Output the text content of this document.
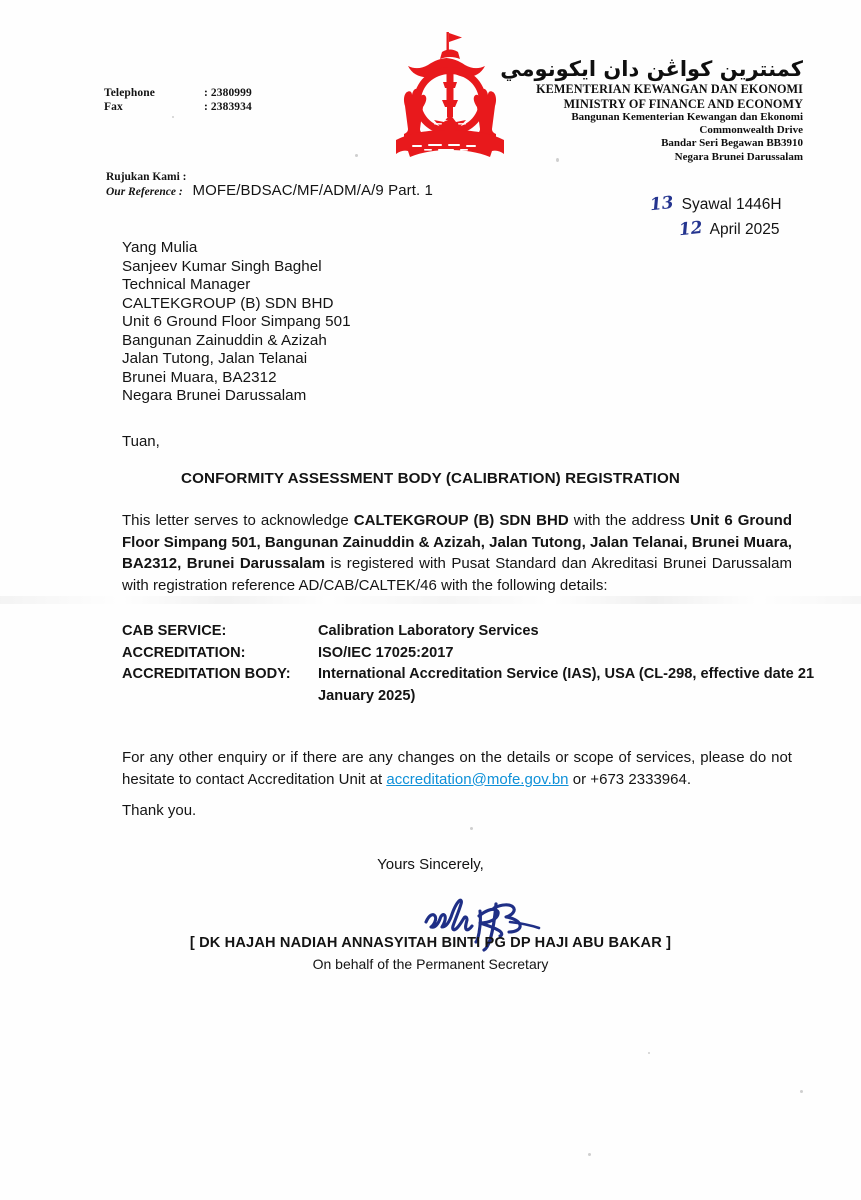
Telephone	: 2380999
Fax	: 2383934
كمنترين كواڠن دان ايكونومي
KEMENTERIAN KEWANGAN DAN EKONOMI
MINISTRY OF FINANCE AND ECONOMY
Bangunan Kementerian Kewangan dan Ekonomi
Commonwealth Drive
Bandar Seri Begawan BB3910
Negara Brunei Darussalam
Rujukan Kami :
Our Reference : MOFE/BDSAC/MF/ADM/A/9 Part. 1
13 Syawal 1446H
12 April 2025
Yang Mulia
Sanjeev Kumar Singh Baghel
Technical Manager
CALTEKGROUP (B) SDN BHD
Unit 6 Ground Floor Simpang 501
Bangunan Zainuddin & Azizah
Jalan Tutong, Jalan Telanai
Brunei Muara, BA2312
Negara Brunei Darussalam
Tuan,
CONFORMITY ASSESSMENT BODY (CALIBRATION) REGISTRATION
This letter serves to acknowledge CALTEKGROUP (B) SDN BHD with the address Unit 6 Ground Floor Simpang 501, Bangunan Zainuddin & Azizah, Jalan Tutong, Jalan Telanai, Brunei Muara, BA2312, Brunei Darussalam is registered with Pusat Standard dan Akreditasi Brunei Darussalam with registration reference AD/CAB/CALTEK/46 with the following details:
CAB SERVICE:	Calibration Laboratory Services
ACCREDITATION:	ISO/IEC 17025:2017
ACCREDITATION BODY:	International Accreditation Service (IAS), USA (CL-298, effective date 21 January 2025)
For any other enquiry or if there are any changes on the details or scope of services, please do not hesitate to contact Accreditation Unit at accreditation@mofe.gov.bn or +673 2333964.
Thank you.
Yours Sincerely,
[ DK HAJAH NADIAH ANNASYITAH BINTI PG DP HAJI ABU BAKAR ]
On behalf of the Permanent Secretary
